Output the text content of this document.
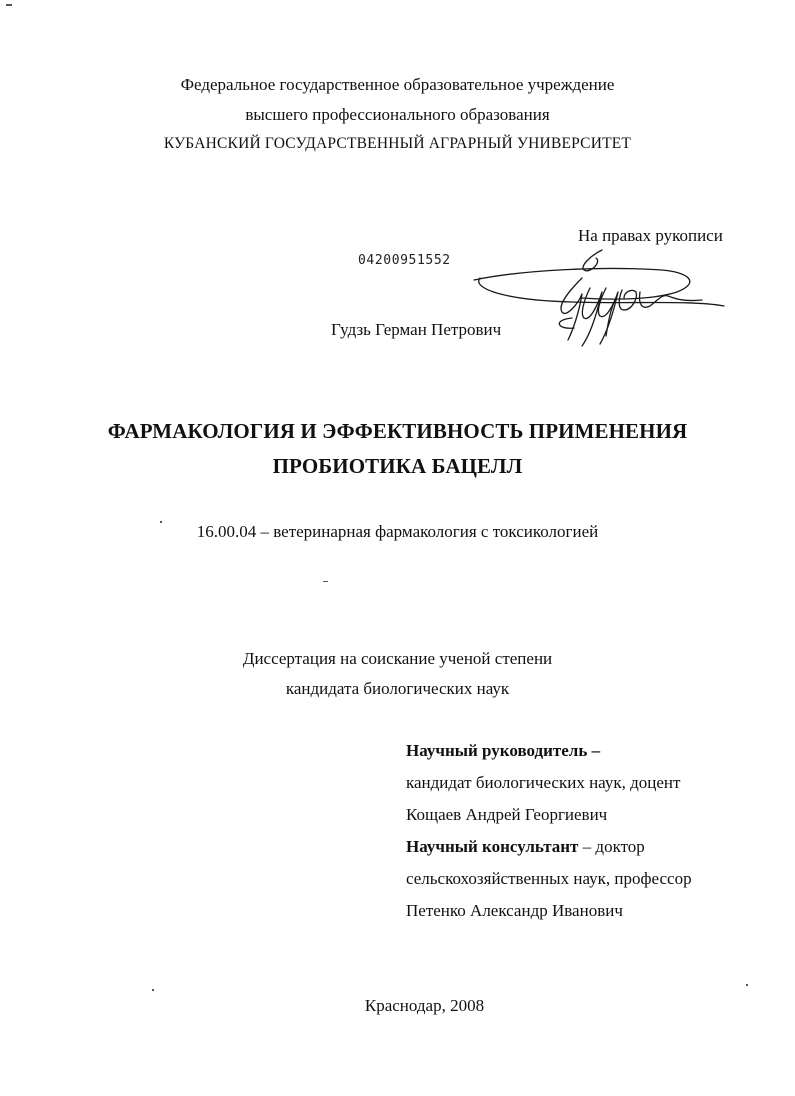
Федеральное государственное образовательное учреждение
высшего профессионального образования
КУБАНСКИЙ ГОСУДАРСТВЕННЫЙ АГРАРНЫЙ УНИВЕРСИТЕТ
На правах рукописи
04200951552
Гудзь Герман Петрович
ФАРМАКОЛОГИЯ И ЭФФЕКТИВНОСТЬ ПРИМЕНЕНИЯ
ПРОБИОТИКА БАЦЕЛЛ
16.00.04 – ветеринарная фармакология с токсикологией
Диссертация на соискание ученой степени
кандидата биологических наук
Научный руководитель –
кандидат биологических наук, доцент
Кощаев Андрей Георгиевич
Научный консультант – доктор
сельскохозяйственных наук, профессор
Петенко Александр Иванович
Краснодар, 2008
